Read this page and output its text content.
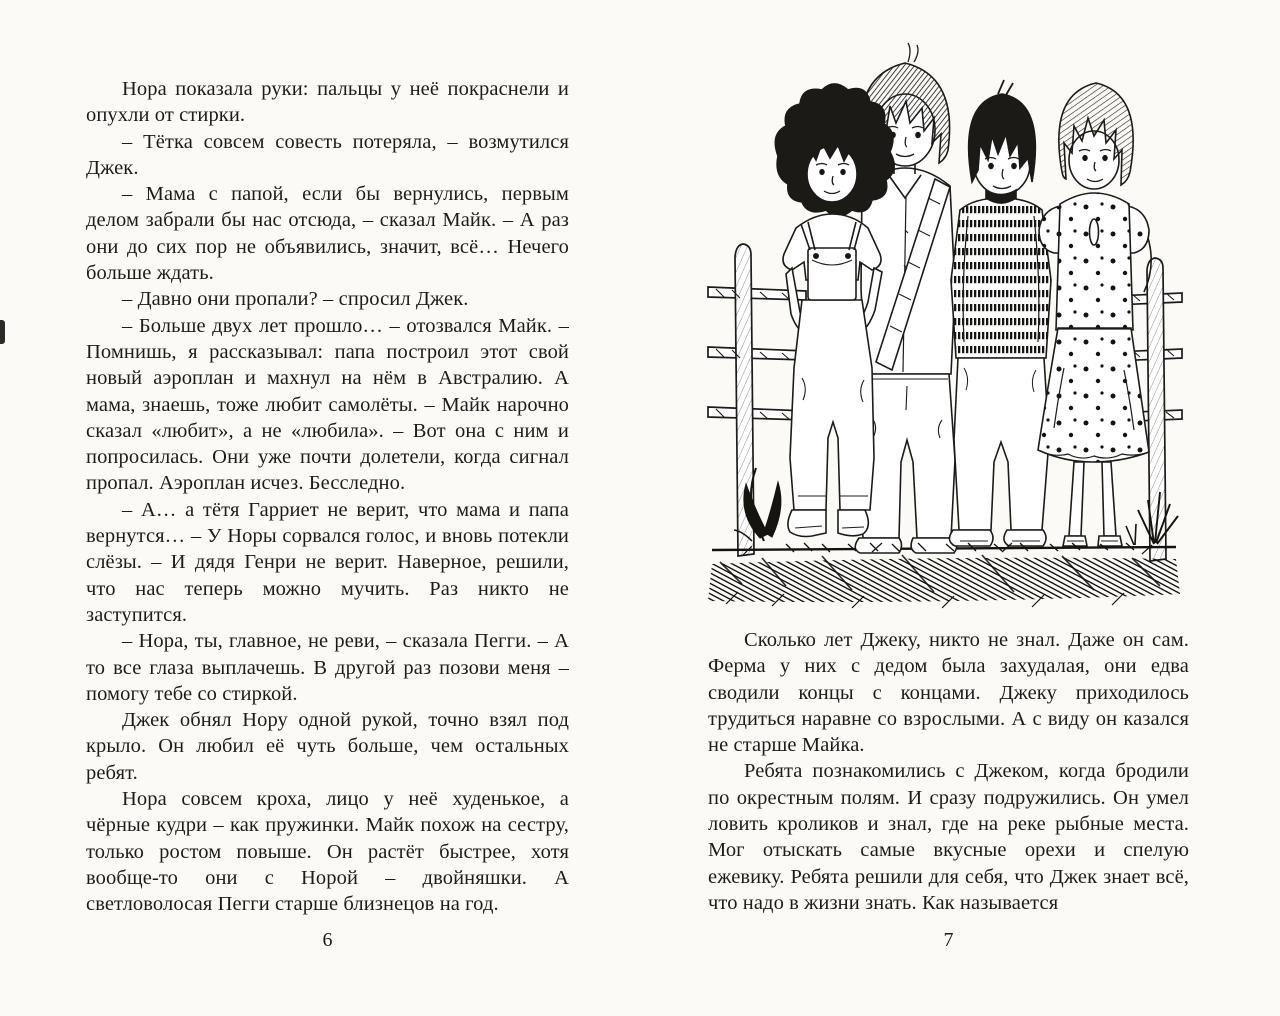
Нора показала руки: пальцы у неё покраснели и опухли от стирки.

– Тётка совсем совесть потеряла, – возмутился Джек.

– Мама с папой, если бы вернулись, первым делом забрали бы нас отсюда, – сказал Майк. – А раз они до сих пор не объявились, значит, всё… Нечего больше ждать.

– Давно они пропали? – спросил Джек.

– Больше двух лет прошло… – отозвался Майк. – Помнишь, я рассказывал: папа построил этот свой новый аэроплан и махнул на нём в Австралию. А мама, знаешь, тоже любит самолёты. – Майк нарочно сказал «любит», а не «любила». – Вот она с ним и попросилась. Они уже почти долетели, когда сигнал пропал. Аэроплан исчез. Бесследно.

– А… а тётя Гарриет не верит, что мама и папа вернутся… – У Норы сорвался голос, и вновь потекли слёзы. – И дядя Генри не верит. Наверное, решили, что нас теперь можно мучить. Раз никто не заступится.

– Нора, ты, главное, не реви, – сказала Пегги. – А то все глаза выплачешь. В другой раз позови меня – помогу тебе со стиркой.

Джек обнял Нору одной рукой, точно взял под крыло. Он любил её чуть больше, чем остальных ребят.

Нора совсем кроха, лицо у неё худенькое, а чёрные кудри – как пружинки. Майк похож на сестру, только ростом повыше. Он растёт быстрее, хотя вообще-то они с Норой – двойняшки. А светловолосая Пегги старше близнецов на год.

Сколько лет Джеку, никто не знал. Даже он сам. Ферма у них с дедом была захудалая, они едва сводили концы с концами. Джеку приходилось трудиться наравне со взрослыми. А с виду он казался не старше Майка.

Ребята познакомились с Джеком, когда бродили по окрестным полям. И сразу подружились. Он умел ловить кроликов и знал, где на реке рыбные места. Мог отыскать самые вкусные орехи и спелую ежевику. Ребята решили для себя, что Джек знает всё, что надо в жизни знать. Как называется

6	7
